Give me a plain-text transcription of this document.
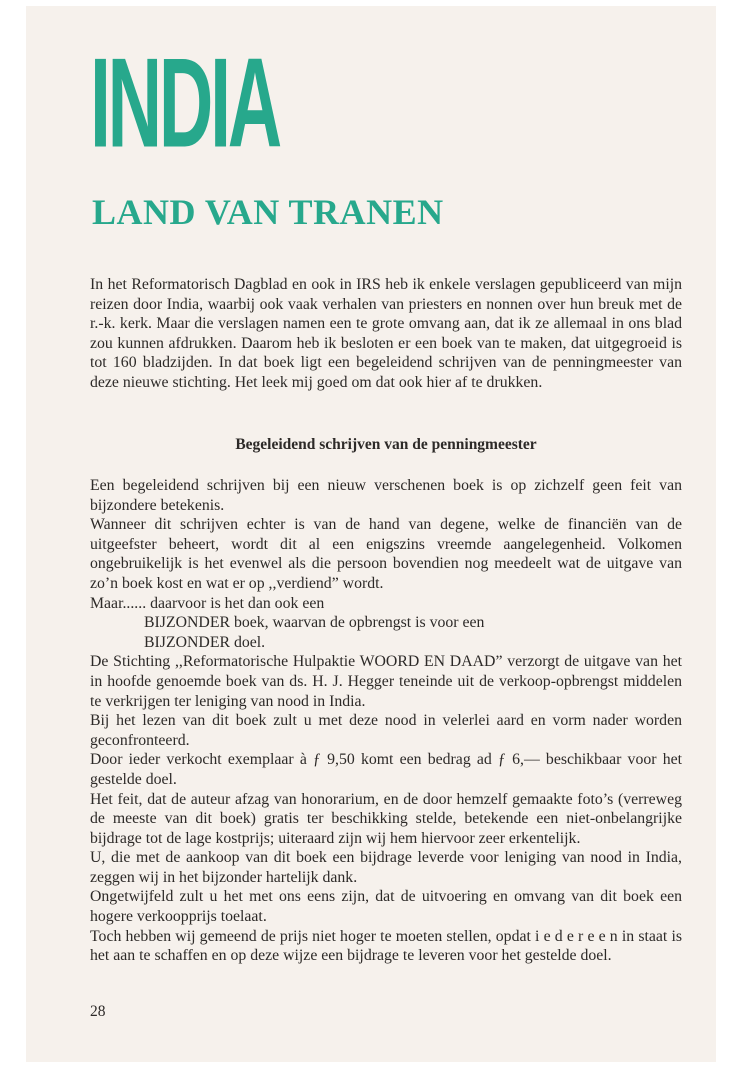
INDIA
LAND VAN TRANEN

In het Reformatorisch Dagblad en ook in IRS heb ik enkele verslagen gepubliceerd van mijn reizen door India, waarbij ook vaak verhalen van priesters en nonnen over hun breuk met de r.-k. kerk. Maar die verslagen namen een te grote omvang aan, dat ik ze allemaal in ons blad zou kunnen afdrukken. Daarom heb ik besloten er een boek van te maken, dat uitgegroeid is tot 160 bladzijden. In dat boek ligt een begeleidend schrijven van de penningmeester van deze nieuwe stichting. Het leek mij goed om dat ook hier af te drukken.

Begeleidend schrijven van de penningmeester

Een begeleidend schrijven bij een nieuw verschenen boek is op zichzelf geen feit van bijzondere betekenis.

Wanneer dit schrijven echter is van de hand van degene, welke de financiën van de uitgeefster beheert, wordt dit al een enigszins vreemde aangelegenheid. Volkomen ongebruikelijk is het evenwel als die persoon bovendien nog meedeelt wat de uitgave van zo’n boek kost en wat er op ,,verdiend” wordt.

Maar...... daarvoor is het dan ook een

BIJZONDER boek, waarvan de opbrengst is voor een

BIJZONDER doel.

De Stichting ,,Reformatorische Hulpaktie WOORD EN DAAD” verzorgt de uitgave van het in hoofde genoemde boek van ds. H. J. Hegger teneinde uit de verkoop-opbrengst middelen te verkrijgen ter leniging van nood in India.

Bij het lezen van dit boek zult u met deze nood in velerlei aard en vorm nader worden geconfronteerd.

Door ieder verkocht exemplaar à ƒ 9,50 komt een bedrag ad ƒ 6,— beschikbaar voor het gestelde doel.

Het feit, dat de auteur afzag van honorarium, en de door hemzelf gemaakte foto’s (verreweg de meeste van dit boek) gratis ter beschikking stelde, betekende een niet-onbelangrijke bijdrage tot de lage kostprijs; uiteraard zijn wij hem hiervoor zeer erkentelijk.

U, die met de aankoop van dit boek een bijdrage leverde voor leniging van nood in India, zeggen wij in het bijzonder hartelijk dank.

Ongetwijfeld zult u het met ons eens zijn, dat de uitvoering en omvang van dit boek een hogere verkoopprijs toelaat.

Toch hebben wij gemeend de prijs niet hoger te moeten stellen, opdat i e d e r e e n in staat is het aan te schaffen en op deze wijze een bijdrage te leveren voor het gestelde doel.

28
